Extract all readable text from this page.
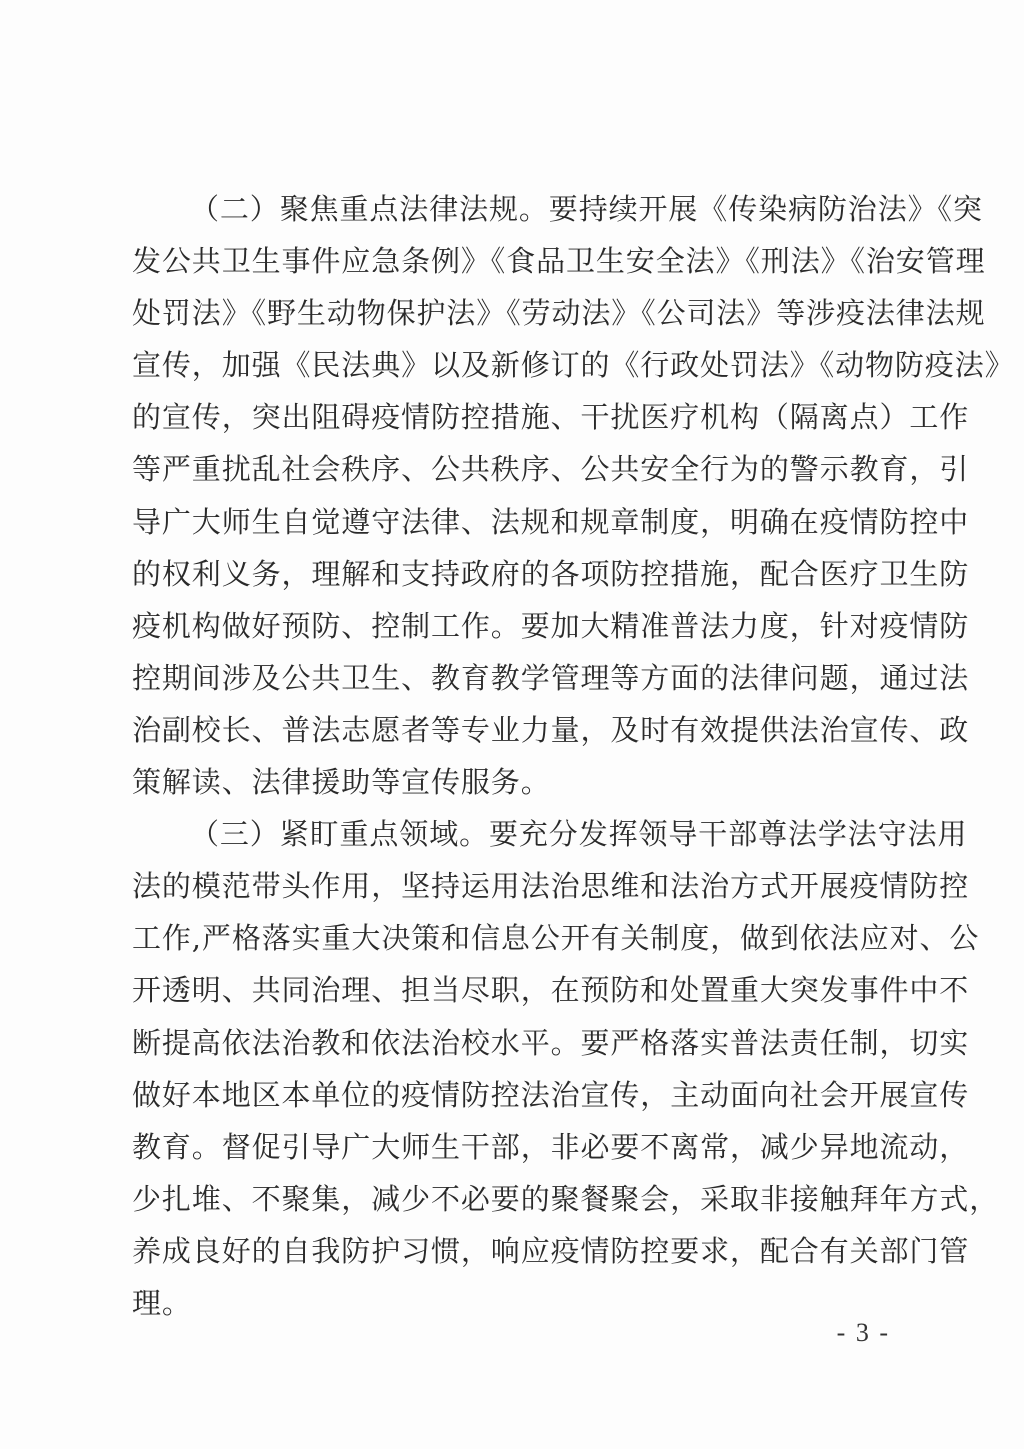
（二）聚焦重点法律法规。要持续开展《传染病防治法》《突
发公共卫生事件应急条例》《食品卫生安全法》《刑法》《治安管理
处罚法》《野生动物保护法》《劳动法》《公司法》等涉疫法律法规
宣传，加强《民法典》以及新修订的《行政处罚法》《动物防疫法》
的宣传，突出阻碍疫情防控措施、干扰医疗机构（隔离点）工作
等严重扰乱社会秩序、公共秩序、公共安全行为的警示教育，引
导广大师生自觉遵守法律、法规和规章制度，明确在疫情防控中
的权利义务，理解和支持政府的各项防控措施，配合医疗卫生防
疫机构做好预防、控制工作。要加大精准普法力度，针对疫情防
控期间涉及公共卫生、教育教学管理等方面的法律问题，通过法
治副校长、普法志愿者等专业力量，及时有效提供法治宣传、政
策解读、法律援助等宣传服务。
（三）紧盯重点领域。要充分发挥领导干部尊法学法守法用
法的模范带头作用，坚持运用法治思维和法治方式开展疫情防控
工作,严格落实重大决策和信息公开有关制度，做到依法应对、公
开透明、共同治理、担当尽职，在预防和处置重大突发事件中不
断提高依法治教和依法治校水平。要严格落实普法责任制，切实
做好本地区本单位的疫情防控法治宣传，主动面向社会开展宣传
教育。督促引导广大师生干部，非必要不离常，减少异地流动，
少扎堆、不聚集，减少不必要的聚餐聚会，采取非接触拜年方式，
养成良好的自我防护习惯，响应疫情防控要求，配合有关部门管
理。
- 3 -
